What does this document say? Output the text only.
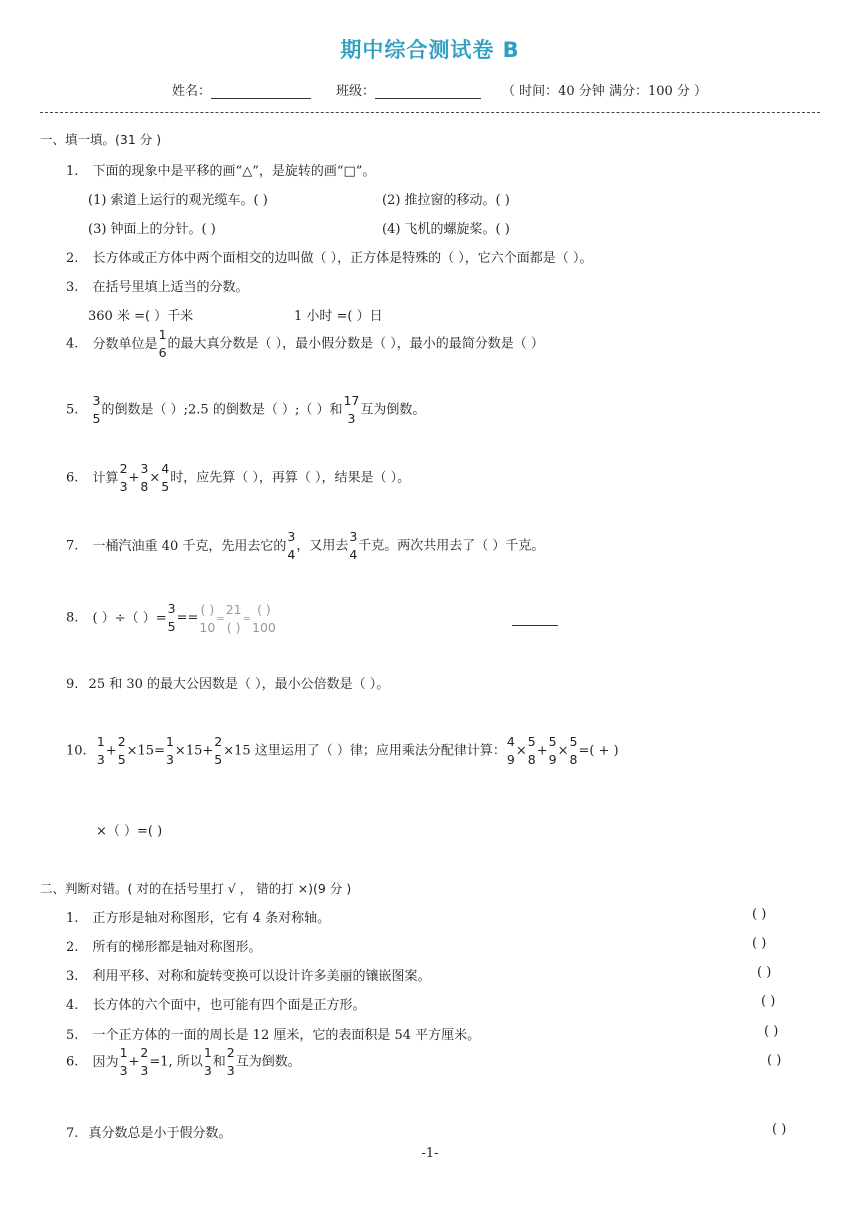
期中综合测试卷 B
姓名：	班级：	（ 时间：40 分钟 满分：100 分 ）
一、填一填。(31 分 )
1. 下面的现象中是平移的画“△”，是旋转的画“□”。
(1) 索道上运行的观光缆车。( )	(2) 推拉窗的移动。( )
(3) 钟面上的分针。( )	(4) 飞机的螺旋桨。( )
2. 长方体或正方体中两个面相交的边叫做（ ），正方体是特殊的（ ），它六个面都是（ ）。
3. 在括号里填上适当的分数。
360 米 =( ）千米	1 小时 =( ）日
4. 分数单位是
1
6
的最大真分数是（ ），最小假分数是（ ），最小的最简分数是（ ）
5.
3
5
的倒数是（ ）;2.5 的倒数是（ ）;（ ）和
17
3
互为倒数。
6. 计算
2
3
+
3
8
×
4
5
时，应先算（ ），再算（ ），结果是（ ）。
7. 一桶汽油重 40 千克，先用去它的
3
4
，又用去
3
4
千克。两次共用去了（ ）千克。
8. ( ）÷（ ）=
3
5
==
( )
10
=
21
( )
=
( )
100
9. 25 和 30 的最大公因数是（ ），最小公倍数是（ ）。
10.
1
3
+
2
5
×15=
1
3
×15+
2
5
×15 这里运用了（ ）律；应用乘法分配律计算：
4
9
×
5
8
+
5
9
×
5
8
=( + )
×（ ）=( )
二、判断对错。( 对的在括号里打 √ ， 错的打 ×)(9 分 )
1. 正方形是轴对称图形，它有 4 条对称轴。	( )
2. 所有的梯形都是轴对称图形。	( )
3. 利用平移、对称和旋转变换可以设计许多美丽的镶嵌图案。	( )
4. 长方体的六个面中，也可能有四个面是正方形。	( )
5. 一个正方体的一面的周长是 12 厘米，它的表面积是 54 平方厘米。	( )
6. 因为
1
3
+
2
3
=1, 所以
1
3
和
2
3
互为倒数。	( )
7. 真分数总是小于假分数。	( )
-1-
